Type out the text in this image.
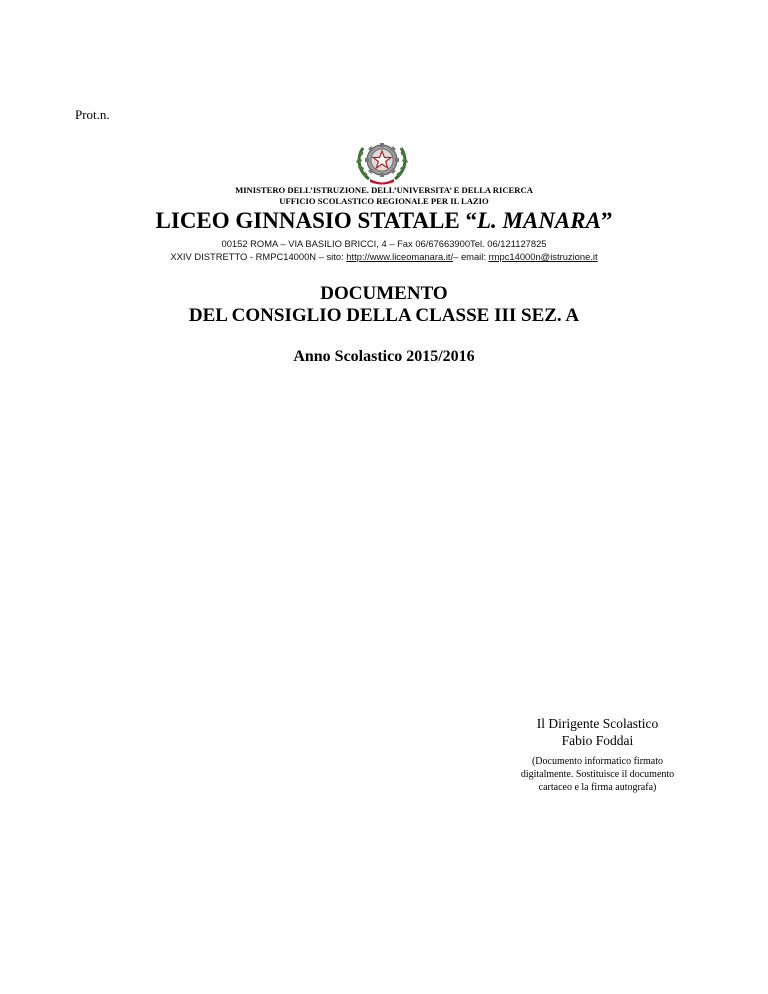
Prot.n.
MINISTERO DELL’ISTRUZIONE. DELL’UNIVERSITA’ E DELLA RICERCA
UFFICIO SCOLASTICO REGIONALE PER IL LAZIO
LICEO GINNASIO STATALE “L. MANARA”
00152 ROMA – VIA BASILIO BRICCI, 4 – Fax 06/67663900Tel. 06/121127825
XXIV DISTRETTO - RMPC14000N – sito: http://www.liceomanara.it/– email: rmpc14000n@istruzione.it
DOCUMENTO
DEL CONSIGLIO DELLA CLASSE III SEZ. A
Anno Scolastico 2015/2016
Il Dirigente Scolastico
Fabio Foddai
(Documento informatico firmato
digitalmente. Sostituisce il documento
cartaceo e la firma autografa)
